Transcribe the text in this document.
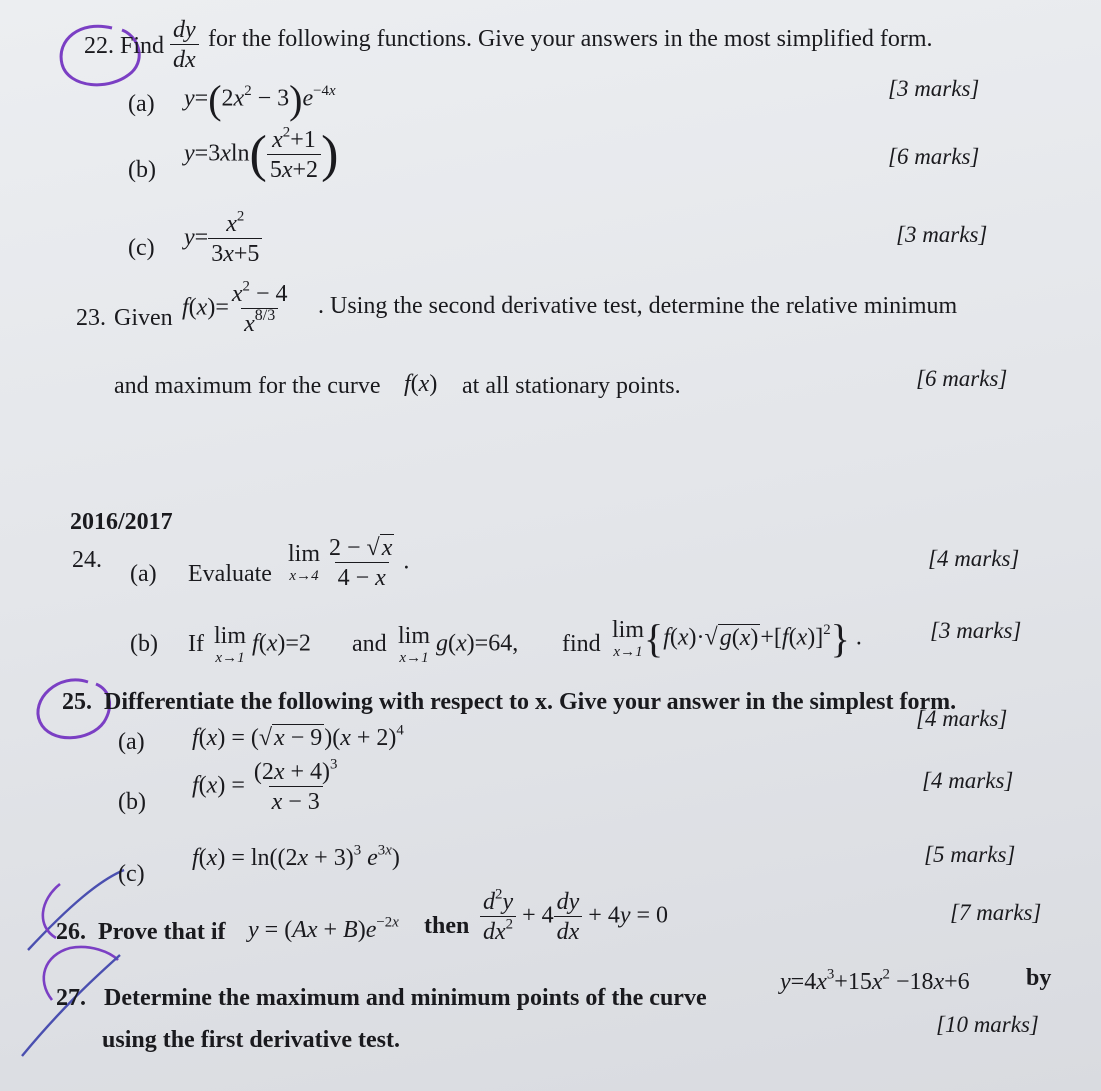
22. Find $\frac{dy}{dx}$ for the following functions. Give your answers in the most simplified form.
(a) $y=(2x^2 - 3)e^{-4x}$	[3 marks]
(b)
$y=3xln( \frac{x^2+1}{5x+2}$ )	[6 marks]
(c) $y= \frac{x^2}{3x+5}$	[3 marks]
23. Given $f(x)= \frac{x^2 - 4}{x^{8/3}}$ . Using the second derivative test, determine the relative minimum
and maximum for the curve f(x) at all stationary points.	[6 marks]
2016/2017
24.
(a) Evaluate
lim
x→4
$\frac{2 - √x}{4 - x}$ .	[4 marks]
(b) If lim
x→1
f(x)=2 and lim
x→1
g(x)=64, find
lim
x→1 $\{f(x)\cdot√g(x)+[f(x)]^2\}$ .	[3 marks]
25. Differentiate the following with respect to x. Give your answer in the simplest form.
(a) $f(x) = (√x - 9)(x + 2)^4$	[4 marks]
(b)
$f(x) = \frac{(2x + 4)^3}{x - 3}$	[4 marks]
(c)
$f(x) = \ln((2x + 3)^3$ $e^{3x}$)	[5 marks]
26. Prove that if $y = (Ax + B)e^{-2x}$ then $\frac{d^2y}{dx^2} + 4 \frac{dy}{dx} + 4y = 0$	[7 marks]
27. Determine the maximum and minimum points of the curve
$y=4x^3+15x^2 -18x+6$ by
using the first derivative test.
[10 marks]
